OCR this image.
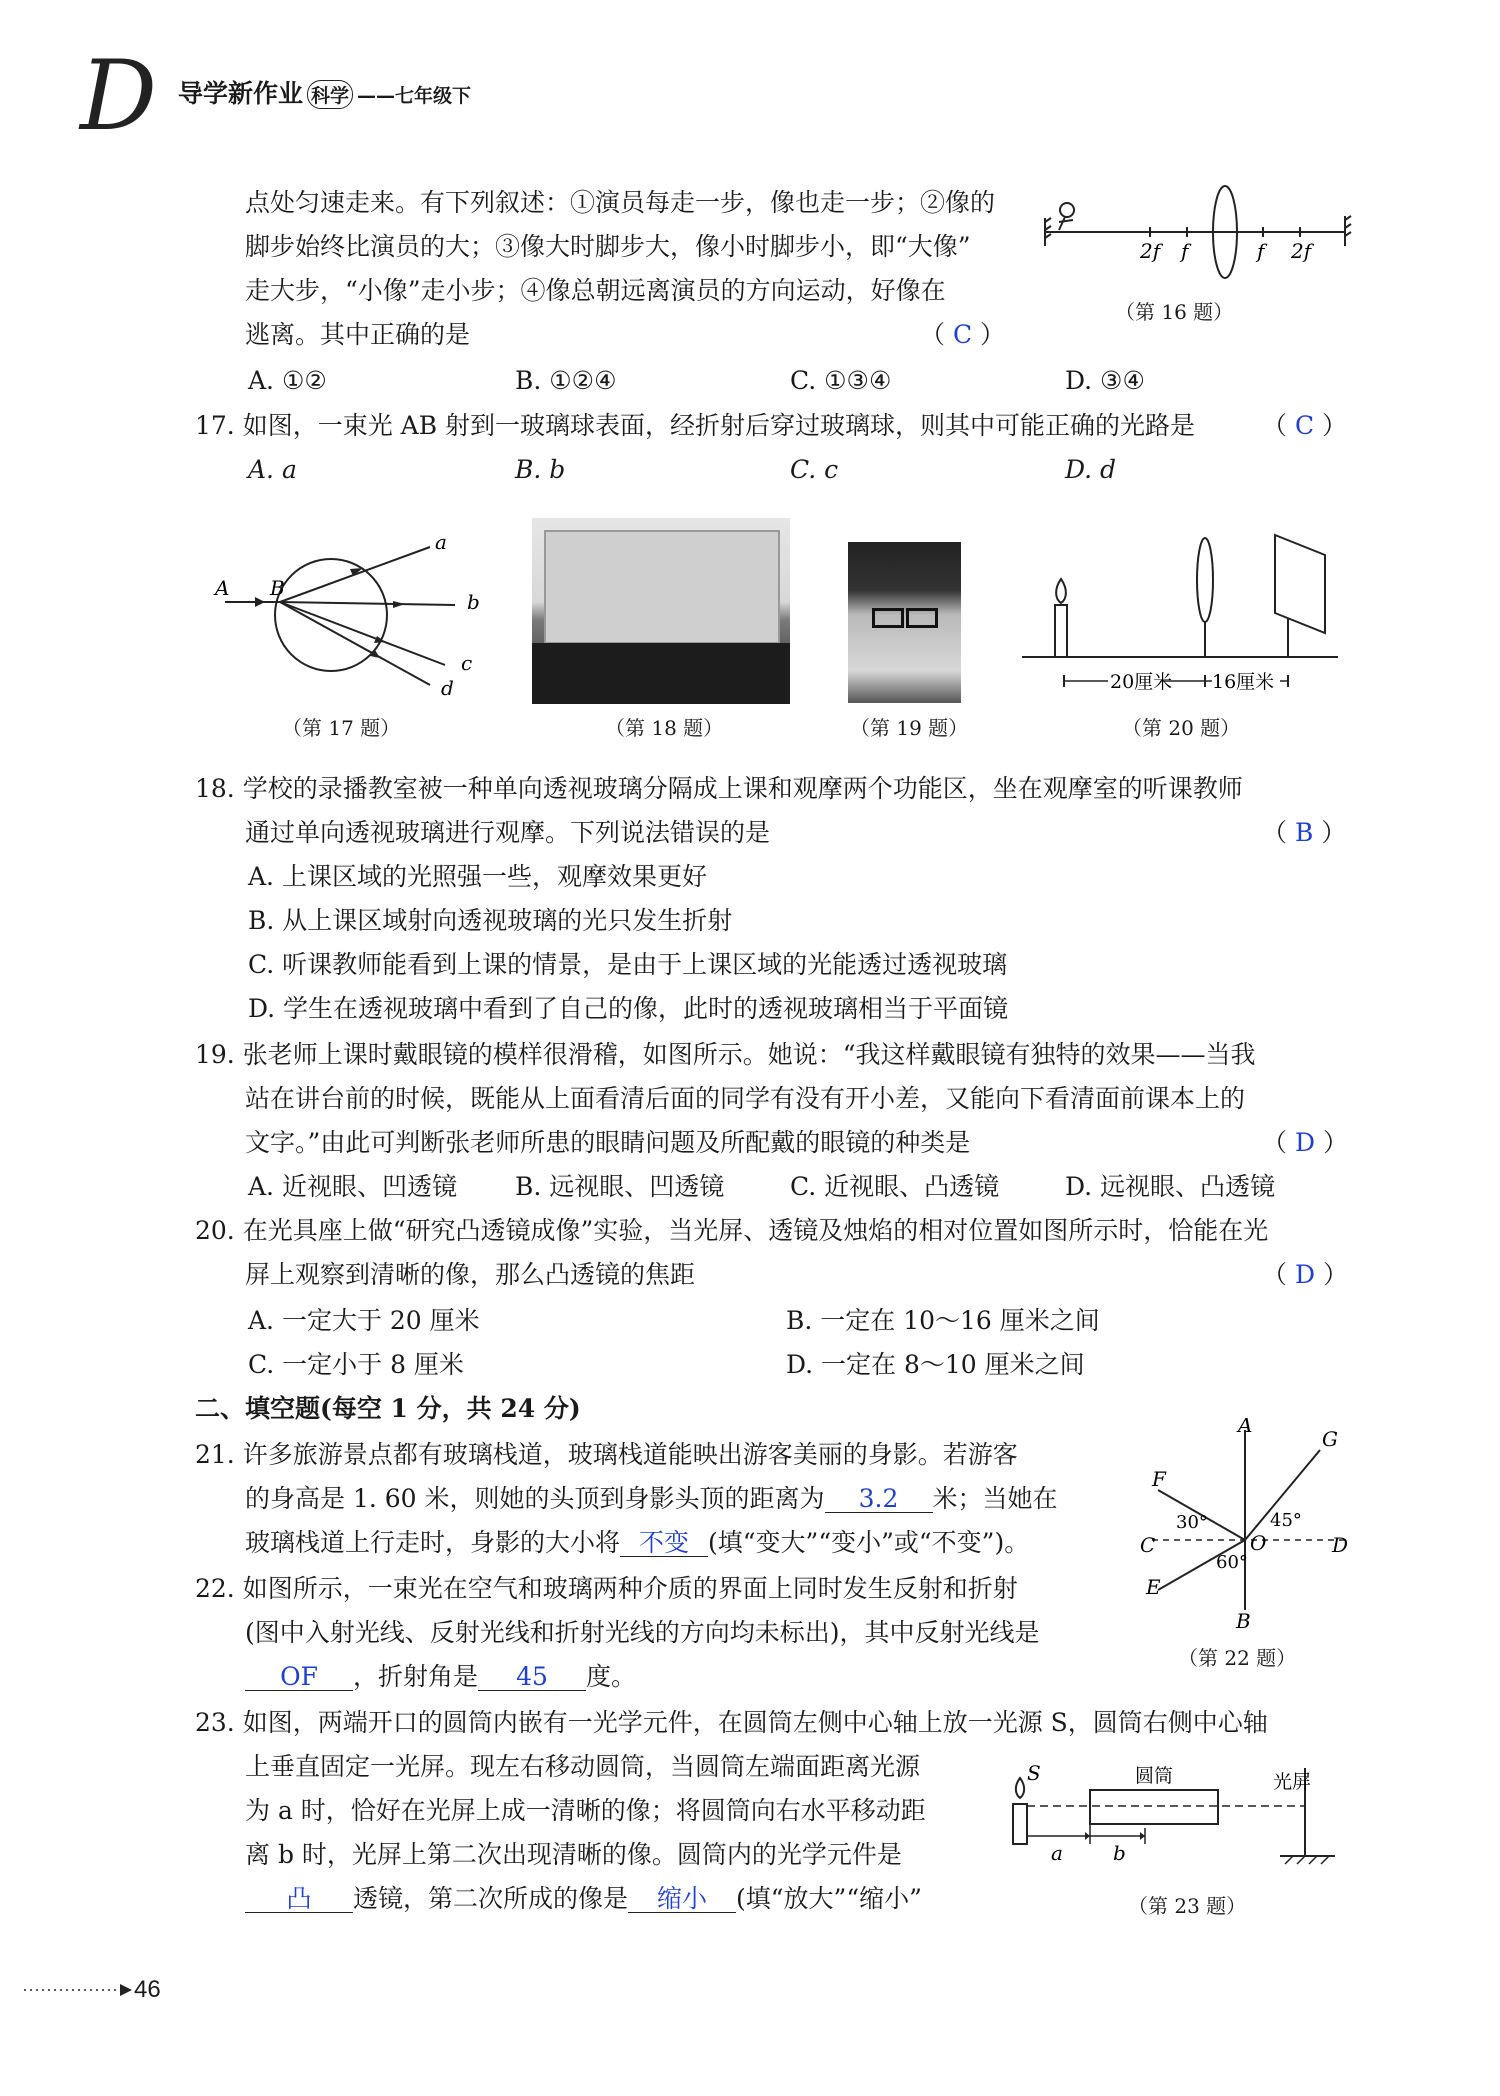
D 导学新作业 科学 ——七年级下
点处匀速走来。有下列叙述：①演员每走一步，像也走一步；②像的
脚步始终比演员的大；③像大时脚步大，像小时脚步小，即“大像”
走大步，“小像”走小步；④像总朝远离演员的方向运动，好像在
逃离。其中正确的是	（ C ）
A. ①②	B. ①②④	C. ①③④	D. ③④
2f f	f 2f
（第 16 题）
17. 如图，一束光 AB 射到一玻璃球表面，经折射后穿过玻璃球，则其中可能正确的光路是	（ C ）
A. a	B. b	C. c	D. d
A B
a
b
c
d
（第 17 题）	（第 18 题）	（第 19 题）
20厘米 16厘米
（第 20 题）
18. 学校的录播教室被一种单向透视玻璃分隔成上课和观摩两个功能区，坐在观摩室的听课教师
通过单向透视玻璃进行观摩。下列说法错误的是	（ B ）
A. 上课区域的光照强一些，观摩效果更好
B. 从上课区域射向透视玻璃的光只发生折射
C. 听课教师能看到上课的情景，是由于上课区域的光能透过透视玻璃
D. 学生在透视玻璃中看到了自己的像，此时的透视玻璃相当于平面镜
19. 张老师上课时戴眼镜的模样很滑稽，如图所示。她说：“我这样戴眼镜有独特的效果——当我
站在讲台前的时候，既能从上面看清后面的同学有没有开小差，又能向下看清面前课本上的
文字。”由此可判断张老师所患的眼睛问题及所配戴的眼镜的种类是	（ D ）
A. 近视眼、凹透镜 B. 远视眼、凹透镜	C. 近视眼、凸透镜	D. 远视眼、凸透镜
20. 在光具座上做“研究凸透镜成像”实验，当光屏、透镜及烛焰的相对位置如图所示时，恰能在光
屏上观察到清晰的像，那么凸透镜的焦距	（ D ）
A. 一定大于 20 厘米	B. 一定在 10～16 厘米之间
C. 一定小于 8 厘米	D. 一定在 8～10 厘米之间
二、填空题(每空 1 分，共 24 分)
21. 许多旅游景点都有玻璃栈道，玻璃栈道能映出游客美丽的身影。若游客
的身高是 1. 60 米，则她的头顶到身影头顶的距离为 3.2 米；当她在
玻璃栈道上行走时，身影的大小将 不变 (填“变大”“变小”或“不变”)。
A
G
F
30°	45°
C	O	D
E
60°
B
（第 22 题）
22. 如图所示，一束光在空气和玻璃两种介质的界面上同时发生反射和折射
(图中入射光线、反射光线和折射光线的方向均未标出)，其中反射光线是
OF ，折射角是 45 度。
23. 如图，两端开口的圆筒内嵌有一光学元件，在圆筒左侧中心轴上放一光源 S，圆筒右侧中心轴
上垂直固定一光屏。现左右移动圆筒，当圆筒左端面距离光源
为 a 时，恰好在光屏上成一清晰的像；将圆筒向右水平移动距
离 b 时，光屏上第二次出现清晰的像。圆筒内的光学元件是
凸 透镜，第二次所成的像是 缩小 (填“放大”“缩小”
S	圆筒	光屏
a	b
（第 23 题）
46
